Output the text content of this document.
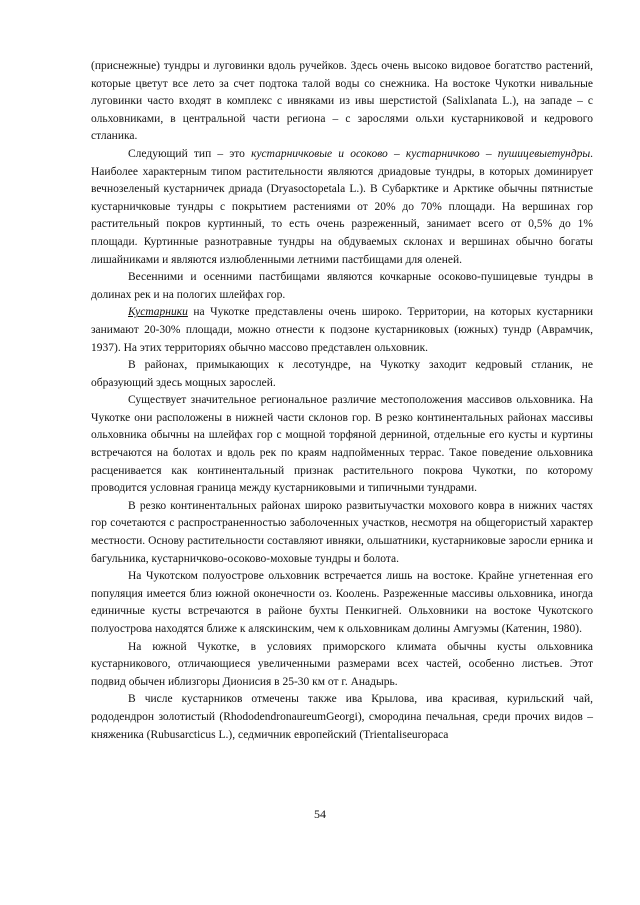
(приснежные) тундры и луговинки вдоль ручейков. Здесь очень высоко видовое богатство растений, которые цветут все лето за счет подтока талой воды со снежника. На востоке Чукотки нивальные луговинки часто входят в комплекс с ивняками из ивы шерстистой (Salixlanata L.), на западе – с ольховниками, в центральной части региона – с зарослями ольхи кустарниковой и кедрового стланика.

Следующий тип – это кустарничковые и осоково – кустарничково – пушицевыетундры. Наиболее характерным типом растительности являются дриадовые тундры, в которых доминирует вечнозеленый кустарничек дриада (Dryasoctopetala L.). В Субарктике и Арктике обычны пятнистые кустарничковые тундры с покрытием растениями от 20% до 70% площади. На вершинах гор растительный покров куртинный, то есть очень разреженный, занимает всего от 0,5% до 1% площади. Куртинные разнотравные тундры на обдуваемых склонах и вершинах обычно богаты лишайниками и являются излюбленными летними пастбищами для оленей.

Весенними и осенними пастбищами являются кочкарные осоково-пушицевые тундры в долинах рек и на пологих шлейфах гор.

Кустарники на Чукотке представлены очень широко. Территории, на которых кустарники занимают 20-30% площади, можно отнести к подзоне кустарниковых (южных) тундр (Аврамчик, 1937). На этих территориях обычно массово представлен ольховник.

В районах, примыкающих к лесотундре, на Чукотку заходит кедровый стланик, не образующий здесь мощных зарослей.

Существует значительное региональное различие местоположения массивов ольховника. На Чукотке они расположены в нижней части склонов гор. В резко континентальных районах массивы ольховника обычны на шлейфах гор с мощной торфяной дерниной, отдельные его кусты и куртины встречаются на болотах и вдоль рек по краям надпойменных террас. Такое поведение ольховника расценивается как континентальный признак растительного покрова Чукотки, по которому проводится условная граница между кустарниковыми и типичными тундрами.

В резко континентальных районах широко развитыучастки мохового ковра в нижних частях гор сочетаются с распространенностью заболоченных участков, несмотря на общегористый характер местности. Основу растительности составляют ивняки, ольшатники, кустарниковые заросли ерника и багульника, кустарничково-осоково-моховые тундры и болота.

На Чукотском полуострове ольховник встречается лишь на востоке. Крайне угнетенная его популяция имеется близ южной оконечности оз. Коолень. Разреженные массивы ольховника, иногда единичные кусты встречаются в районе бухты Пенкигней. Ольховники на востоке Чукотского полуострова находятся ближе к аляскинским, чем к ольховникам долины Амгуэмы (Катенин, 1980).

На южной Чукотке, в условиях приморского климата обычны кусты ольховника кустарникового, отличающиеся увеличенными размерами всех частей, особенно листьев. Этот подвид обычен иблизгоры Дионисия в 25-30 км от г. Анадырь.

В числе кустарников отмечены также ива Крылова, ива красивая, курильский чай, рододендрон золотистый (RhododendronaureumGeorgi), смородина печальная, среди прочих видов – княженика (Rubusarcticus L.), седмичник европейский (Trientaliseuropaca

54
